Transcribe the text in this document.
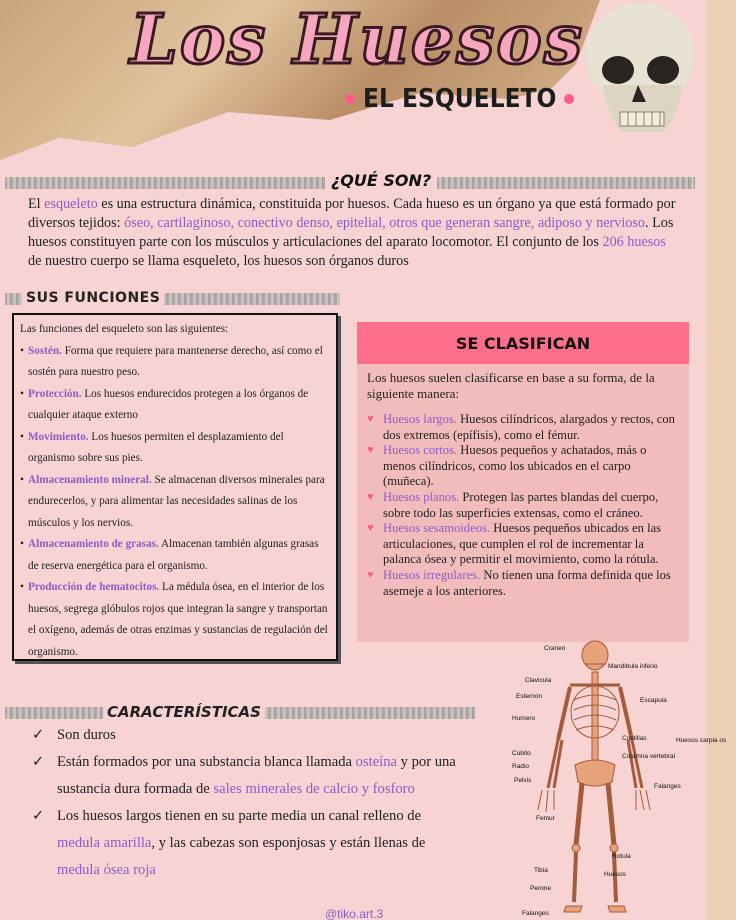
Los Huesos
EL ESQUELETO
¿QUÉ SON?
El esqueleto es una estructura dinámica, constituida por huesos. Cada hueso es un órgano ya que está formado por diversos tejidos: óseo, cartilaginoso, conectivo denso, epitelial, otros que generan sangre, adiposo y nervioso. Los huesos constituyen parte con los músculos y articulaciones del aparato locomotor. El conjunto de los 206 huesos de nuestro cuerpo se llama esqueleto, los huesos son órganos duros
SUS FUNCIONES
Las funciones del esqueleto son las siguientes:
• Sostén. Forma que requiere para mantenerse derecho, así como el sostén para nuestro peso.
• Protección. Los huesos endurecidos protegen a los órganos de cualquier ataque externo
• Movimiento. Los huesos permiten el desplazamiento del organismo sobre sus pies.
• Almacenamiento mineral. Se almacenan diversos minerales para endurecerlos, y para alimentar las necesidades salinas de los músculos y los nervios.
• Almacenamiento de grasas. Almacenan también algunas grasas de reserva energética para el organismo.
• Producción de hematocitos. La médula ósea, en el interior de los huesos, segrega glóbulos rojos que integran la sangre y transportan el oxígeno, además de otras enzimas y sustancias de regulación del organismo.
SE CLASIFICAN
Los huesos suelen clasificarse en base a su forma, de la siguiente manera:
♥ Huesos largos. Huesos cilíndricos, alargados y rectos, con dos extremos (epífisis), como el fémur.
♥ Huesos cortos. Huesos pequeños y achatados, más o menos cilíndricos, como los ubicados en el carpo (muñeca).
♥ Huesos planos. Protegen las partes blandas del cuerpo, sobre todo las superficies extensas, como el cráneo.
♥ Huesos sesamoideos. Huesos pequeños ubicados en las articulaciones, que cumplen el rol de incrementar la palanca ósea y permitir el movimiento, como la rótula.
♥ Huesos irregulares. No tienen una forma definida que los asemeje a los anteriores.
CARACTERÍSTICAS
✓ Son duros
✓ Están formados por una substancia blanca llamada osteína y por una sustancia dura formada de sales minerales de calcio y fosforo
✓ Los huesos largos tienen en su parte media un canal relleno de medula amarilla, y las cabezas son esponjosas y están llenas de medula ósea roja
Craneo
Mandibula inferio
Clavicula
Esternon
Escapula
Humero
Costillas
Cubito
Radio
Columna vertebral
Pelvis
Huesos carpia os
Falanges
Femur
Rotula
Tibia
Perone
Huesos
Falanges
@tiko.art.3
